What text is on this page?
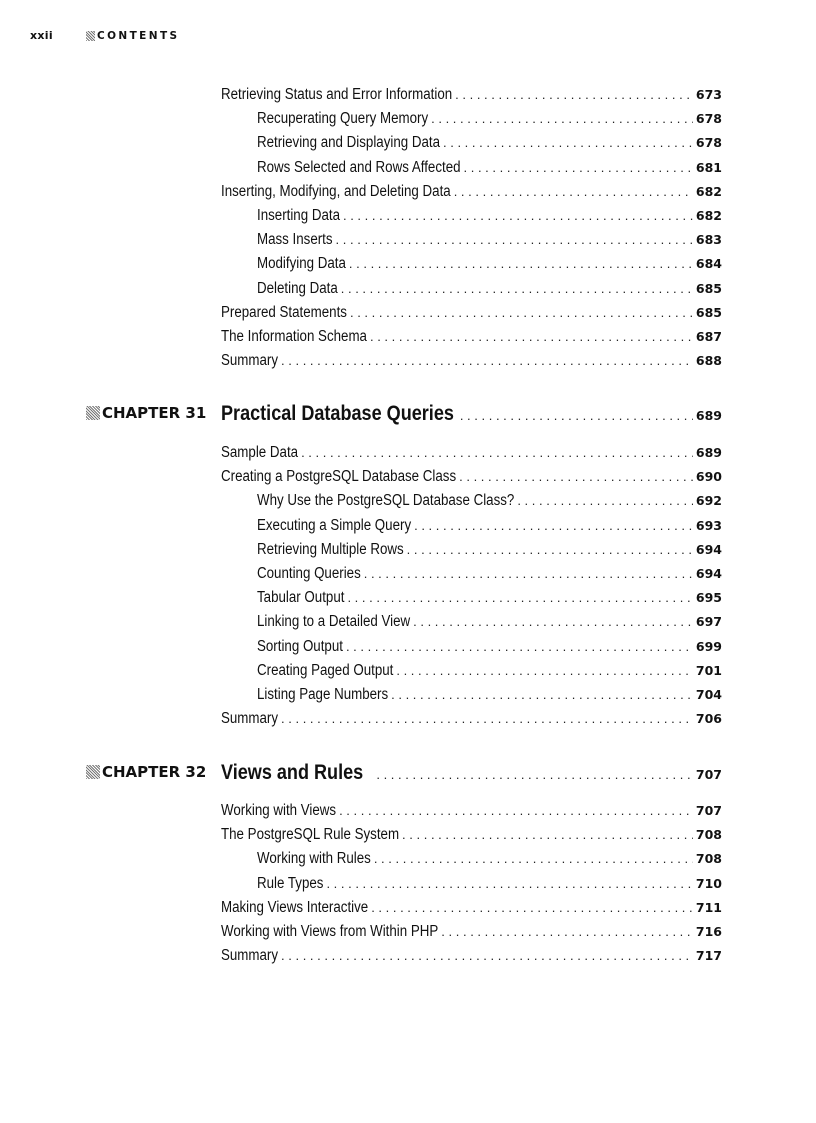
xxii	CONTENTS
Retrieving Status and Error Information . . .	673
Recuperating Query Memory . . .	678
Retrieving and Displaying Data . . .	678
Rows Selected and Rows Affected . . .	681
Inserting, Modifying, and Deleting Data . . .	682
Inserting Data . . .	682
Mass Inserts . . .	683
Modifying Data . . .	684
Deleting Data . . .	685
Prepared Statements . . .	685
The Information Schema . . .	687
Summary . . .	688
CHAPTER 31 Practical Database Queries . . .	689
Sample Data . . .	689
Creating a PostgreSQL Database Class . . .	690
Why Use the PostgreSQL Database Class? . . .	692
Executing a Simple Query . . .	693
Retrieving Multiple Rows . . .	694
Counting Queries . . .	694
Tabular Output . . .	695
Linking to a Detailed View . . .	697
Sorting Output . . .	699
Creating Paged Output . . .	701
Listing Page Numbers . . .	704
Summary . . .	706
CHAPTER 32 Views and Rules . . .	707
Working with Views . . .	707
The PostgreSQL Rule System . . .	708
Working with Rules . . .	708
Rule Types . . .	710
Making Views Interactive . . .	711
Working with Views from Within PHP . . .	716
Summary . . .	717
